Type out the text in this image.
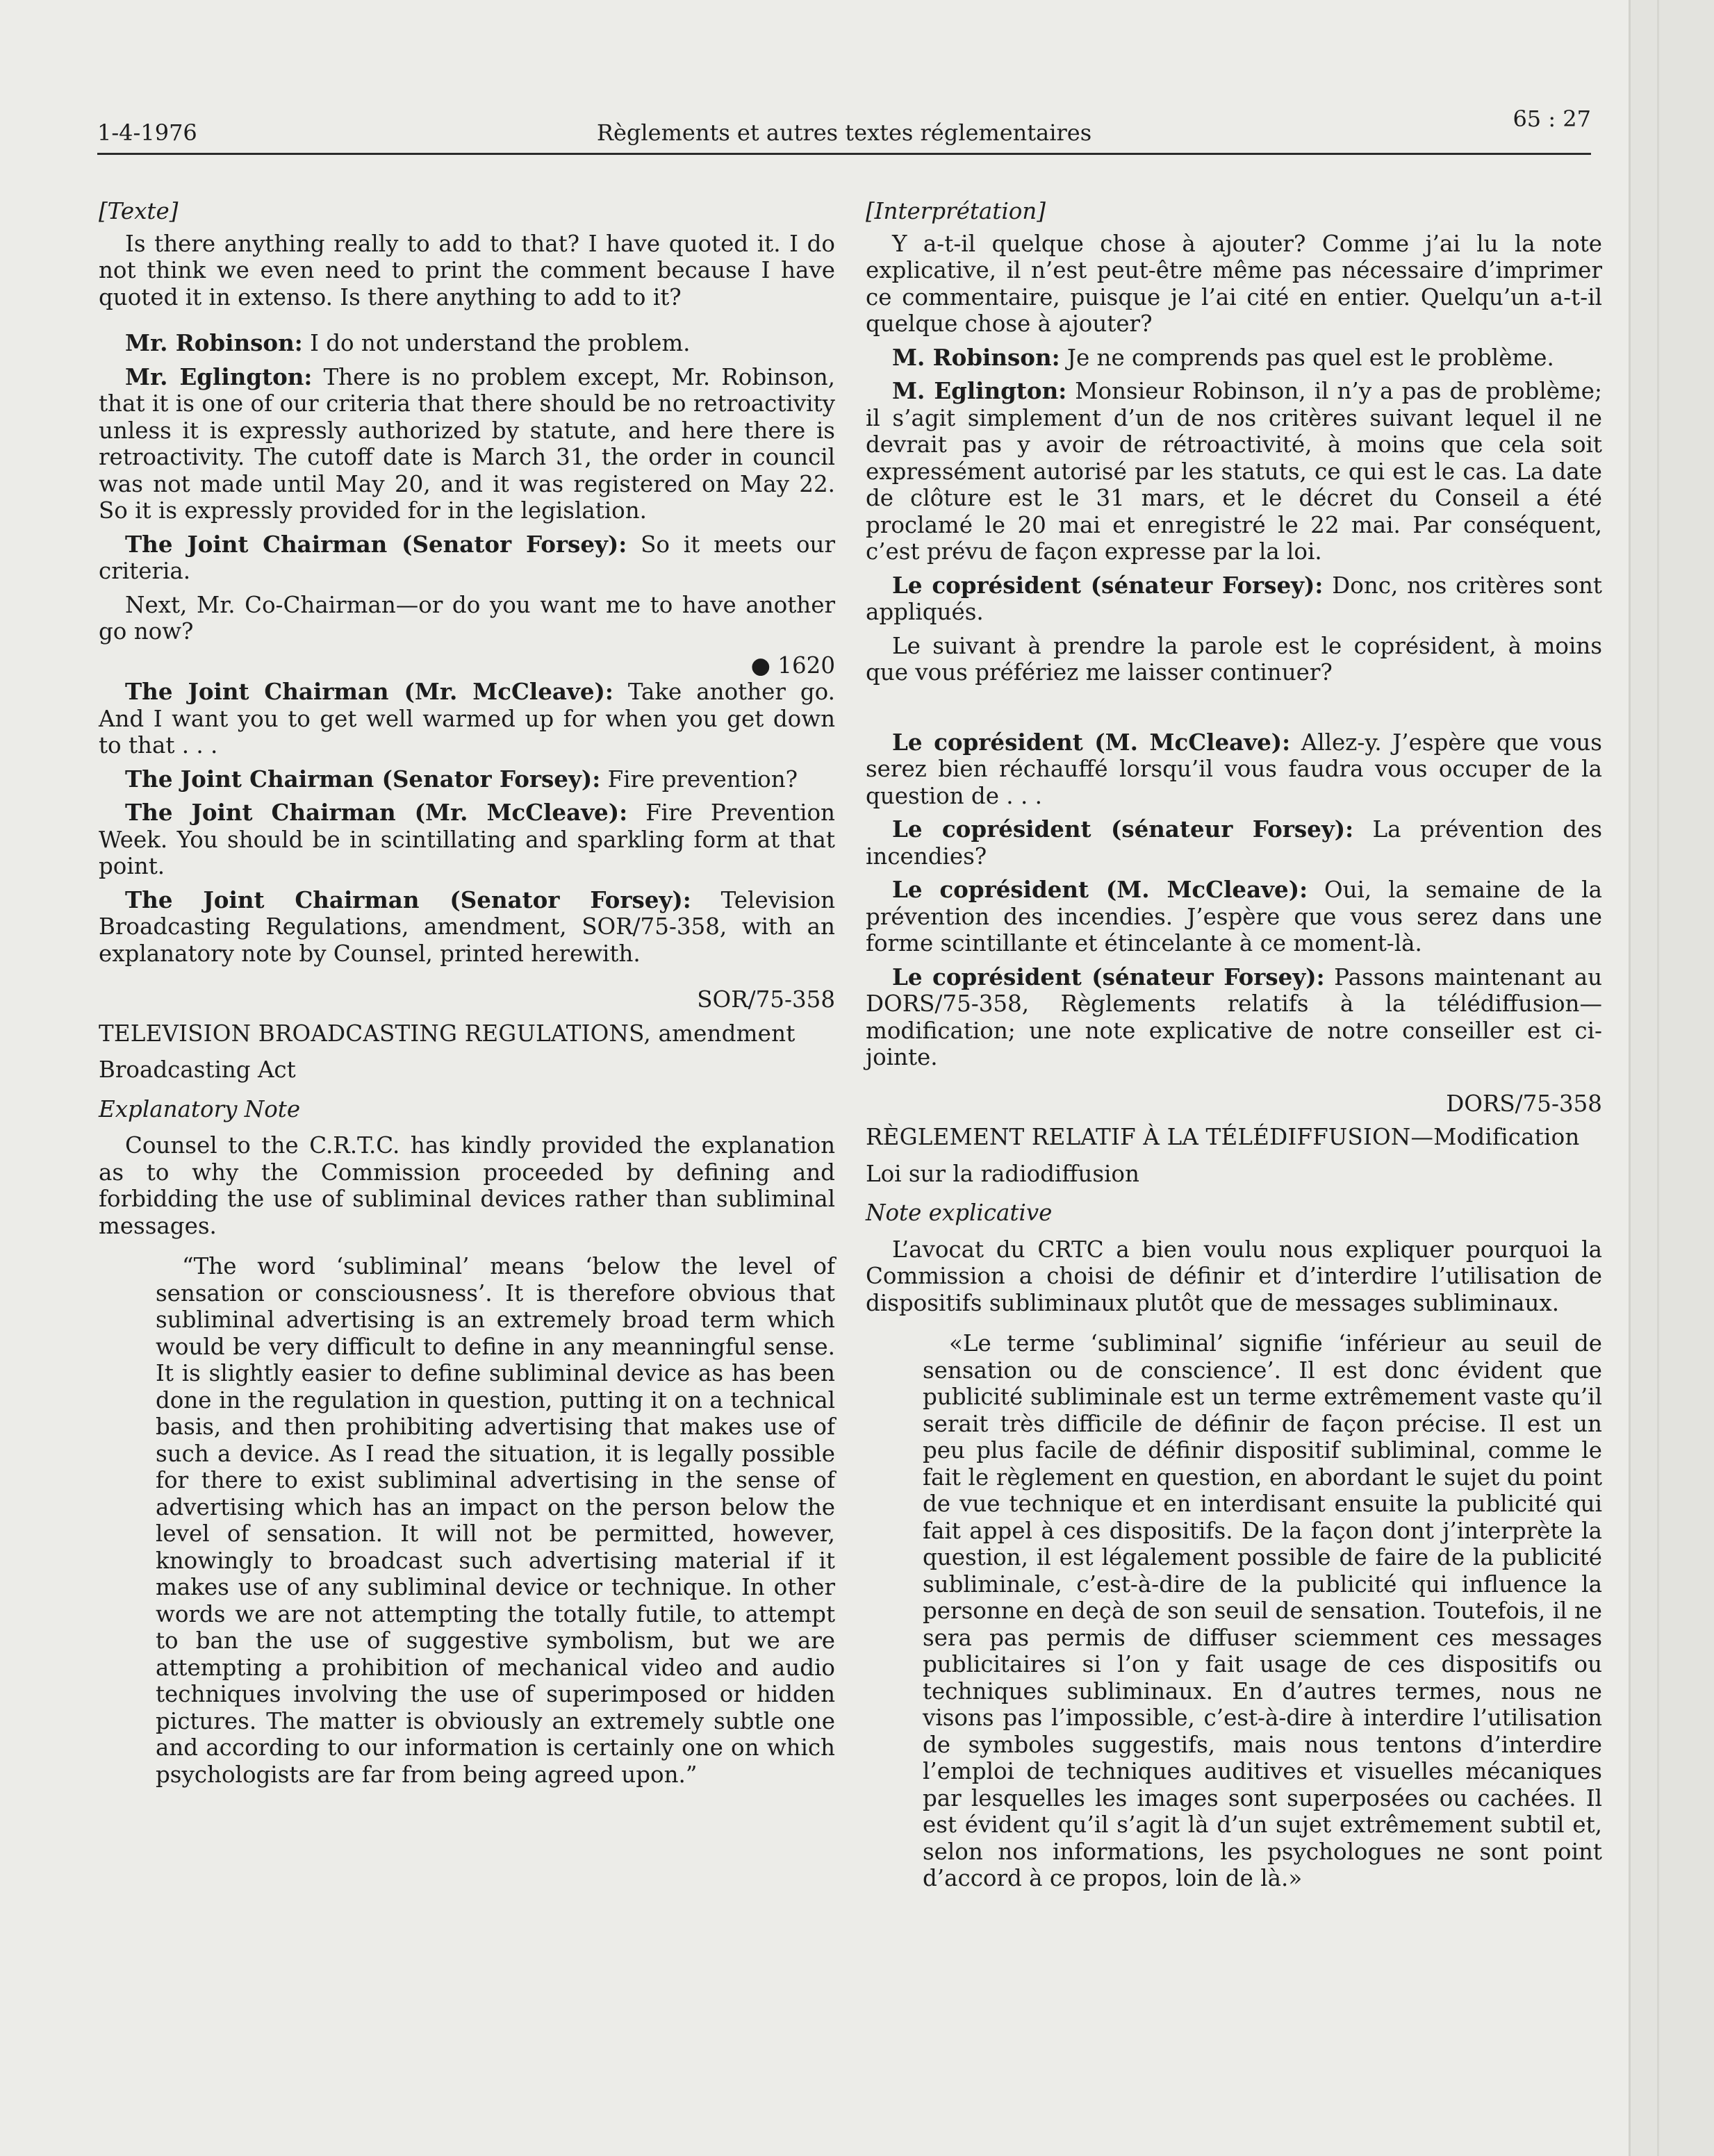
1-4-1976	Règlements et autres textes réglementaires
65 : 27

[Texte]

Is there anything really to add to that? I have quoted it. I do not think we even need to print the comment because I have quoted it in extenso. Is there anything to add to it?

Mr. Robinson: I do not understand the problem.

Mr. Eglington: There is no problem except, Mr. Robinson, that it is one of our criteria that there should be no retroactivity unless it is expressly authorized by statute, and here there is retroactivity. The cutoff date is March 31, the order in council was not made until May 20, and it was registered on May 22. So it is expressly provided for in the legislation.

The Joint Chairman (Senator Forsey): So it meets our criteria.

Next, Mr. Co-Chairman—or do you want me to have another go now?

● 1620

The Joint Chairman (Mr. McCleave): Take another go. And I want you to get well warmed up for when you get down to that . . .

The Joint Chairman (Senator Forsey): Fire prevention?

The Joint Chairman (Mr. McCleave): Fire Prevention Week. You should be in scintillating and sparkling form at that point.

The Joint Chairman (Senator Forsey): Television Broadcasting Regulations, amendment, SOR/75-358, with an explanatory note by Counsel, printed herewith.

SOR/75-358

TELEVISION BROADCASTING REGULATIONS, amendment

Broadcasting Act

Explanatory Note

Counsel to the C.R.T.C. has kindly provided the explanation as to why the Commission proceeded by defining and forbidding the use of subliminal devices rather than subliminal messages.

“The word ‘subliminal’ means ‘below the level of sensation or consciousness’. It is therefore obvious that subliminal advertising is an extremely broad term which would be very difficult to define in any meanningful sense. It is slightly easier to define subliminal device as has been done in the regulation in question, putting it on a technical basis, and then prohibiting advertising that makes use of such a device. As I read the situation, it is legally possible for there to exist subliminal advertising in the sense of advertising which has an impact on the person below the level of sensation. It will not be permitted, however, knowingly to broadcast such advertising material if it makes use of any subliminal device or technique. In other words we are not attempting the totally futile, to attempt to ban the use of suggestive symbolism, but we are attempting a prohibition of mechanical video and audio techniques involving the use of superimposed or hidden pictures. The matter is obviously an extremely subtle one and according to our information is certainly one on which psychologists are far from being agreed upon.”

[Interprétation]

Y a-t-il quelque chose à ajouter? Comme j’ai lu la note explicative, il n’est peut-être même pas nécessaire d’imprimer ce commentaire, puisque je l’ai cité en entier. Quelqu’un a-t-il quelque chose à ajouter?

M. Robinson: Je ne comprends pas quel est le problème.

M. Eglington: Monsieur Robinson, il n’y a pas de problème; il s’agit simplement d’un de nos critères suivant lequel il ne devrait pas y avoir de rétroactivité, à moins que cela soit expressément autorisé par les statuts, ce qui est le cas. La date de clôture est le 31 mars, et le décret du Conseil a été proclamé le 20 mai et enregistré le 22 mai. Par conséquent, c’est prévu de façon expresse par la loi.

Le coprésident (sénateur Forsey): Donc, nos critères sont appliqués.

Le suivant à prendre la parole est le coprésident, à moins que vous préfériez me laisser continuer?

Le coprésident (M. McCleave): Allez-y. J’espère que vous serez bien réchauffé lorsqu’il vous faudra vous occuper de la question de . . .

Le coprésident (sénateur Forsey): La prévention des incendies?

Le coprésident (M. McCleave): Oui, la semaine de la prévention des incendies. J’espère que vous serez dans une forme scintillante et étincelante à ce moment-là.

Le coprésident (sénateur Forsey): Passons maintenant au DORS/75-358, Règlements relatifs à la télédiffusion—modification; une note explicative de notre conseiller est ci-jointe.

DORS/75-358

RÈGLEMENT RELATIF À LA TÉLÉDIFFUSION—Modification

Loi sur la radiodiffusion

Note explicative

L’avocat du CRTC a bien voulu nous expliquer pourquoi la Commission a choisi de définir et d’interdire l’utilisation de dispositifs subliminaux plutôt que de messages subliminaux.

«Le terme ‘subliminal’ signifie ‘inférieur au seuil de sensation ou de conscience’. Il est donc évident que publicité subliminale est un terme extrêmement vaste qu’il serait très difficile de définir de façon précise. Il est un peu plus facile de définir dispositif subliminal, comme le fait le règlement en question, en abordant le sujet du point de vue technique et en interdisant ensuite la publicité qui fait appel à ces dispositifs. De la façon dont j’interprète la question, il est légalement possible de faire de la publicité subliminale, c’est-à-dire de la publicité qui influence la personne en deçà de son seuil de sensation. Toutefois, il ne sera pas permis de diffuser sciemment ces messages publicitaires si l’on y fait usage de ces dispositifs ou techniques subliminaux. En d’autres termes, nous ne visons pas l’impossible, c’est-à-dire à interdire l’utilisation de symboles suggestifs, mais nous tentons d’interdire l’emploi de techniques auditives et visuelles mécaniques par lesquelles les images sont superposées ou cachées. Il est évident qu’il s’agit là d’un sujet extrêmement subtil et, selon nos informations, les psychologues ne sont point d’accord à ce propos, loin de là.»
